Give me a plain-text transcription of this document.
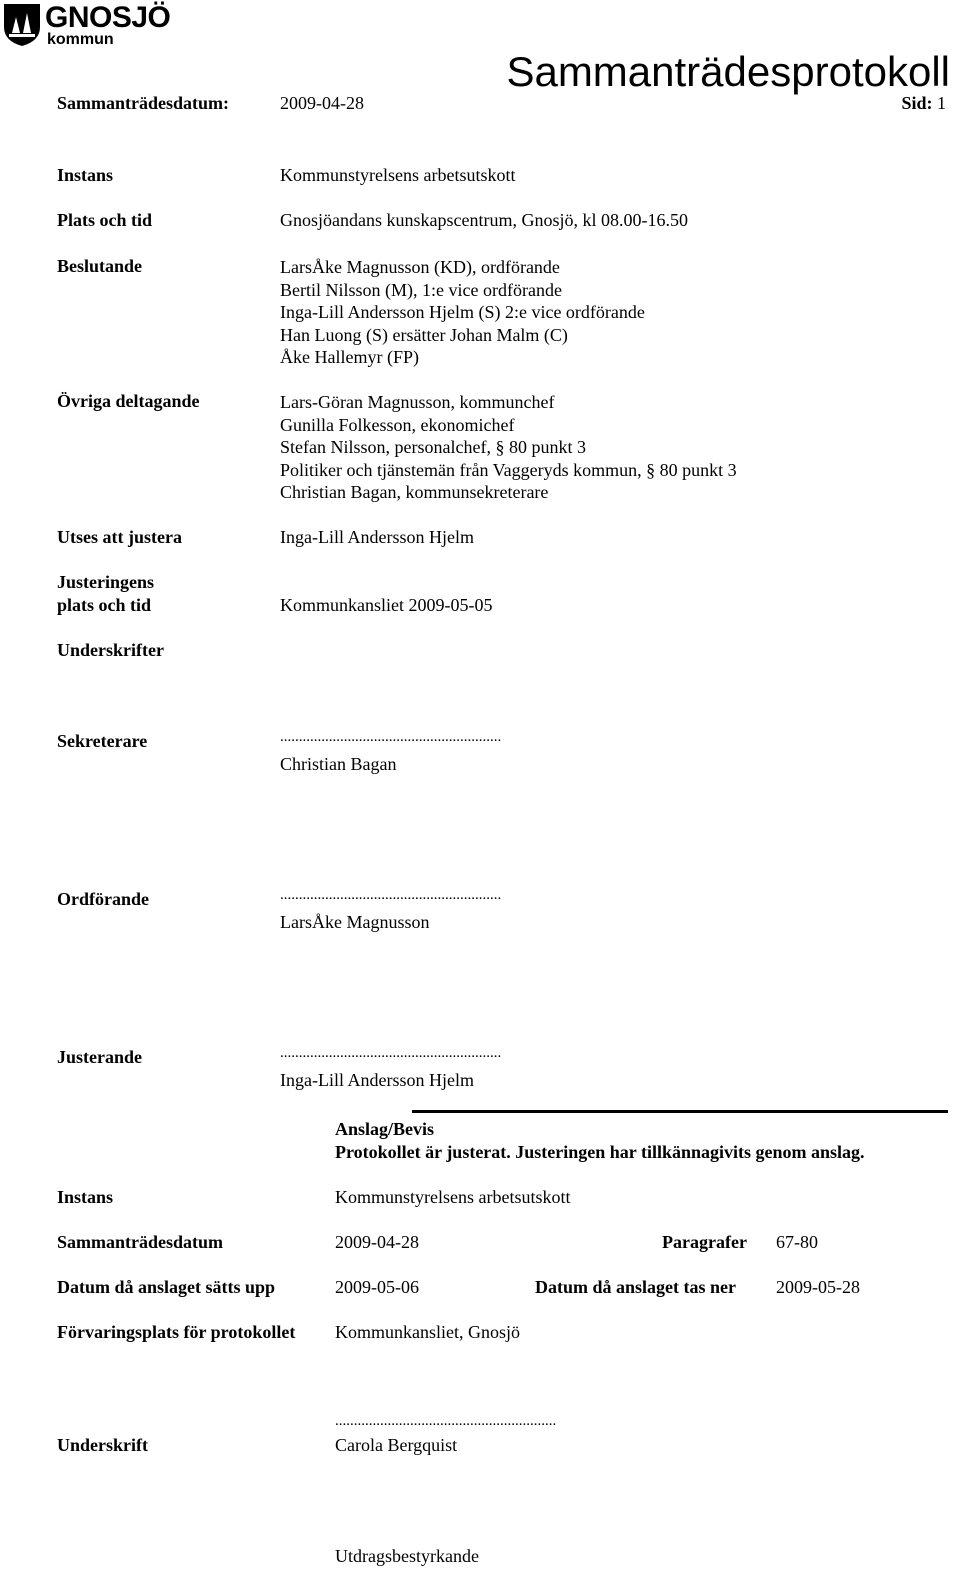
GNOSJÖ
kommun
Sammanträdesprotokoll
Sammanträdesdatum:	2009-04-28	Sid: 1
Instans	Kommunstyrelsens arbetsutskott
Plats och tid	Gnosjöandans kunskapscentrum, Gnosjö, kl 08.00-16.50
Beslutande	LarsÅke Magnusson (KD), ordförande
Bertil Nilsson (M), 1:e vice ordförande
Inga-Lill Andersson Hjelm (S) 2:e vice ordförande
Han Luong (S) ersätter Johan Malm (C)
Åke Hallemyr (FP)
Övriga deltagande	Lars-Göran Magnusson, kommunchef
Gunilla Folkesson, ekonomichef
Stefan Nilsson, personalchef, § 80 punkt 3
Politiker och tjänstemän från Vaggeryds kommun, § 80 punkt 3
Christian Bagan, kommunsekreterare
Utses att justera	Inga-Lill Andersson Hjelm
Justeringens
plats och tid	Kommunkansliet 2009-05-05
Underskrifter
Sekreterare	...........................................................
Christian Bagan
Ordförande	...........................................................
LarsÅke Magnusson
Justerande	...........................................................
Inga-Lill Andersson Hjelm
Anslag/Bevis
Protokollet är justerat. Justeringen har tillkännagivits genom anslag.
Instans	Kommunstyrelsens arbetsutskott
Sammanträdesdatum	2009-04-28	Paragrafer 67-80
Datum då anslaget sätts upp	2009-05-06	Datum då anslaget tas ner 2009-05-28
Förvaringsplats för protokollet Kommunkansliet, Gnosjö
...........................................................
Underskrift	Carola Bergquist
Utdragsbestyrkande
